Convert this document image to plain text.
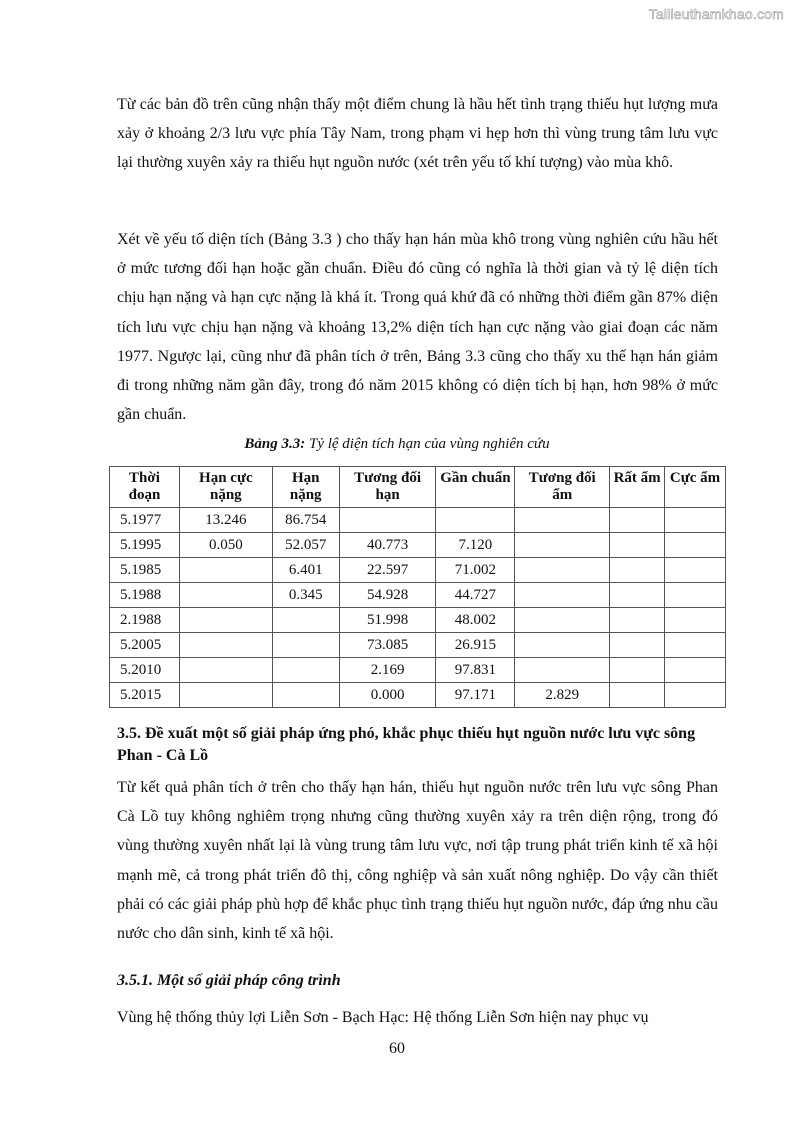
Tailieuthamkhao.com
Từ các bản đồ trên cũng nhận thấy một điểm chung là hầu hết tình trạng thiếu hụt lượng mưa xảy ở khoảng 2/3 lưu vực phía Tây Nam, trong phạm vi hẹp hơn thì vùng trung tâm lưu vực lại thường xuyên xảy ra thiếu hụt nguồn nước (xét trên yếu tố khí tượng) vào mùa khô.
Xét về yếu tố diện tích (Bảng 3.3 ) cho thấy hạn hán mùa khô trong vùng nghiên cứu hầu hết ở mức tương đối hạn hoặc gần chuẩn. Điều đó cũng có nghĩa là thời gian và tỷ lệ diện tích chịu hạn nặng và hạn cực nặng là khá ít. Trong quá khứ đã có những thời điểm gần 87% diện tích lưu vực chịu hạn nặng và khoảng 13,2% diện tích hạn cực nặng vào giai đoạn các năm 1977. Ngược lại, cũng như đã phân tích ở trên, Bảng 3.3 cũng cho thấy xu thế hạn hán giảm đi trong những năm gần đây, trong đó năm 2015 không có diện tích bị hạn, hơn 98% ở mức gần chuẩn.
Bảng 3.3: Tỷ lệ diện tích hạn của vùng nghiên cứu
Thời đoạn	Hạn cực nặng	Hạn nặng	Tương đối hạn	Gần chuẩn	Tương đối ẩm	Rất ẩm	Cực ẩm
5.1977	13.246	86.754					
5.1995	0.050	52.057	40.773	7.120			
5.1985		6.401	22.597	71.002			
5.1988		0.345	54.928	44.727			
2.1988			51.998	48.002			
5.2005			73.085	26.915			
5.2010			2.169	97.831			
5.2015			0.000	97.171	2.829		
3.5. Đề xuất một số giải pháp ứng phó, khắc phục thiếu hụt nguồn nước lưu vực sông Phan - Cà Lồ
Từ kết quả phân tích ở trên cho thấy hạn hán, thiếu hụt nguồn nước trên lưu vực sông Phan Cà Lồ tuy không nghiêm trọng nhưng cũng thường xuyên xảy ra trên diện rộng, trong đó vùng thường xuyên nhất lại là vùng trung tâm lưu vực, nơi tập trung phát triển kinh tế xã hội mạnh mẽ, cả trong phát triển đô thị, công nghiệp và sản xuất nông nghiệp. Do vậy cần thiết phải có các giải pháp phù hợp để khắc phục tình trạng thiếu hụt nguồn nước, đáp ứng nhu cầu nước cho dân sinh, kinh tế xã hội.
3.5.1. Một số giải pháp công trình
Vùng hệ thống thủy lợi Liễn Sơn - Bạch Hạc: Hệ thống Liễn Sơn hiện nay phục vụ
60
